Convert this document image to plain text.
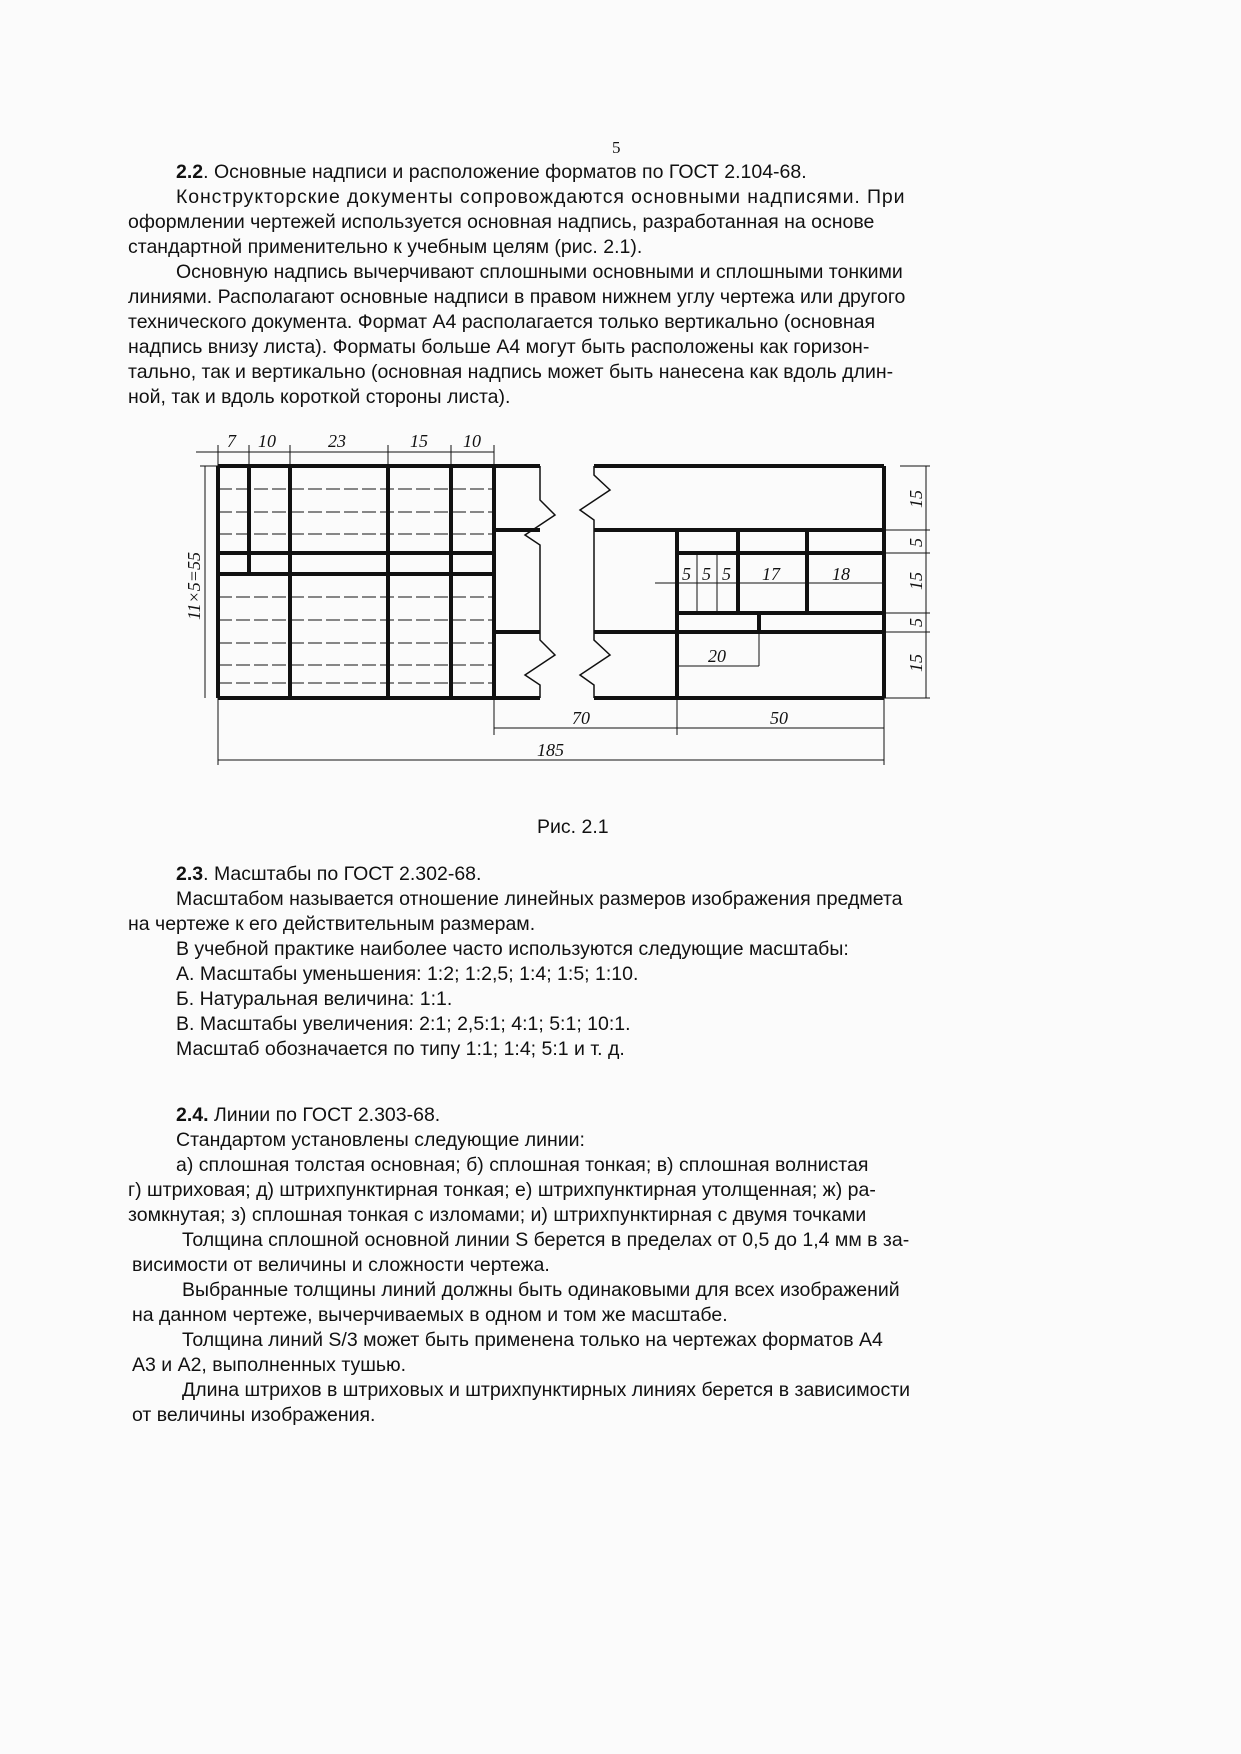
5
2.2. Основные надписи и расположение форматов по ГОСТ 2.104-68.
Конструкторские документы сопровождаются основными надписями. При
оформлении чертежей используется основная надпись, разработанная на основе
стандартной применительно к учебным целям (рис. 2.1).
Основную надпись вычерчивают сплошными основными и сплошными тонкими
линиями. Располагают основные надписи в правом нижнем углу чертежа или другого
технического документа. Формат А4 располагается только вертикально (основная
надпись внизу листа). Форматы больше А4 могут быть расположены как горизон-
тально, так и вертикально (основная надпись может быть нанесена как вдоль длин-
ной, так и вдоль короткой стороны листа).
7 10	23	15 10
11×5=55
15
5
15
5
15
5 5 5 17	18
20
70	50
185
Рис. 2.1
2.3. Масштабы по ГОСТ 2.302-68.
Масштабом называется отношение линейных размеров изображения предмета
на чертеже к его действительным размерам.
В учебной практике наиболее часто используются следующие масштабы:
А. Масштабы уменьшения: 1:2; 1:2,5; 1:4; 1:5; 1:10.
Б. Натуральная величина: 1:1.
В. Масштабы увеличения: 2:1; 2,5:1; 4:1; 5:1; 10:1.
Масштаб обозначается по типу 1:1; 1:4; 5:1 и т. д.
2.4. Линии по ГОСТ 2.303-68.
Стандартом установлены следующие линии:
а) сплошная толстая основная; б) сплошная тонкая; в) сплошная волнистая
г) штриховая; д) штрихпунктирная тонкая; е) штрихпунктирная утолщенная; ж) ра-
зомкнутая; з) сплошная тонкая с изломами; и) штрихпунктирная с двумя точками
Толщина сплошной основной линии S берется в пределах от 0,5 до 1,4 мм в за-
висимости от величины и сложности чертежа.
Выбранные толщины линий должны быть одинаковыми для всех изображений
на данном чертеже, вычерчиваемых в одном и том же масштабе.
Толщина линий S/3 может быть применена только на чертежах форматов А4
А3 и А2, выполненных тушью.
Длина штрихов в штриховых и штрихпунктирных линиях берется в зависимости
от величины изображения.
